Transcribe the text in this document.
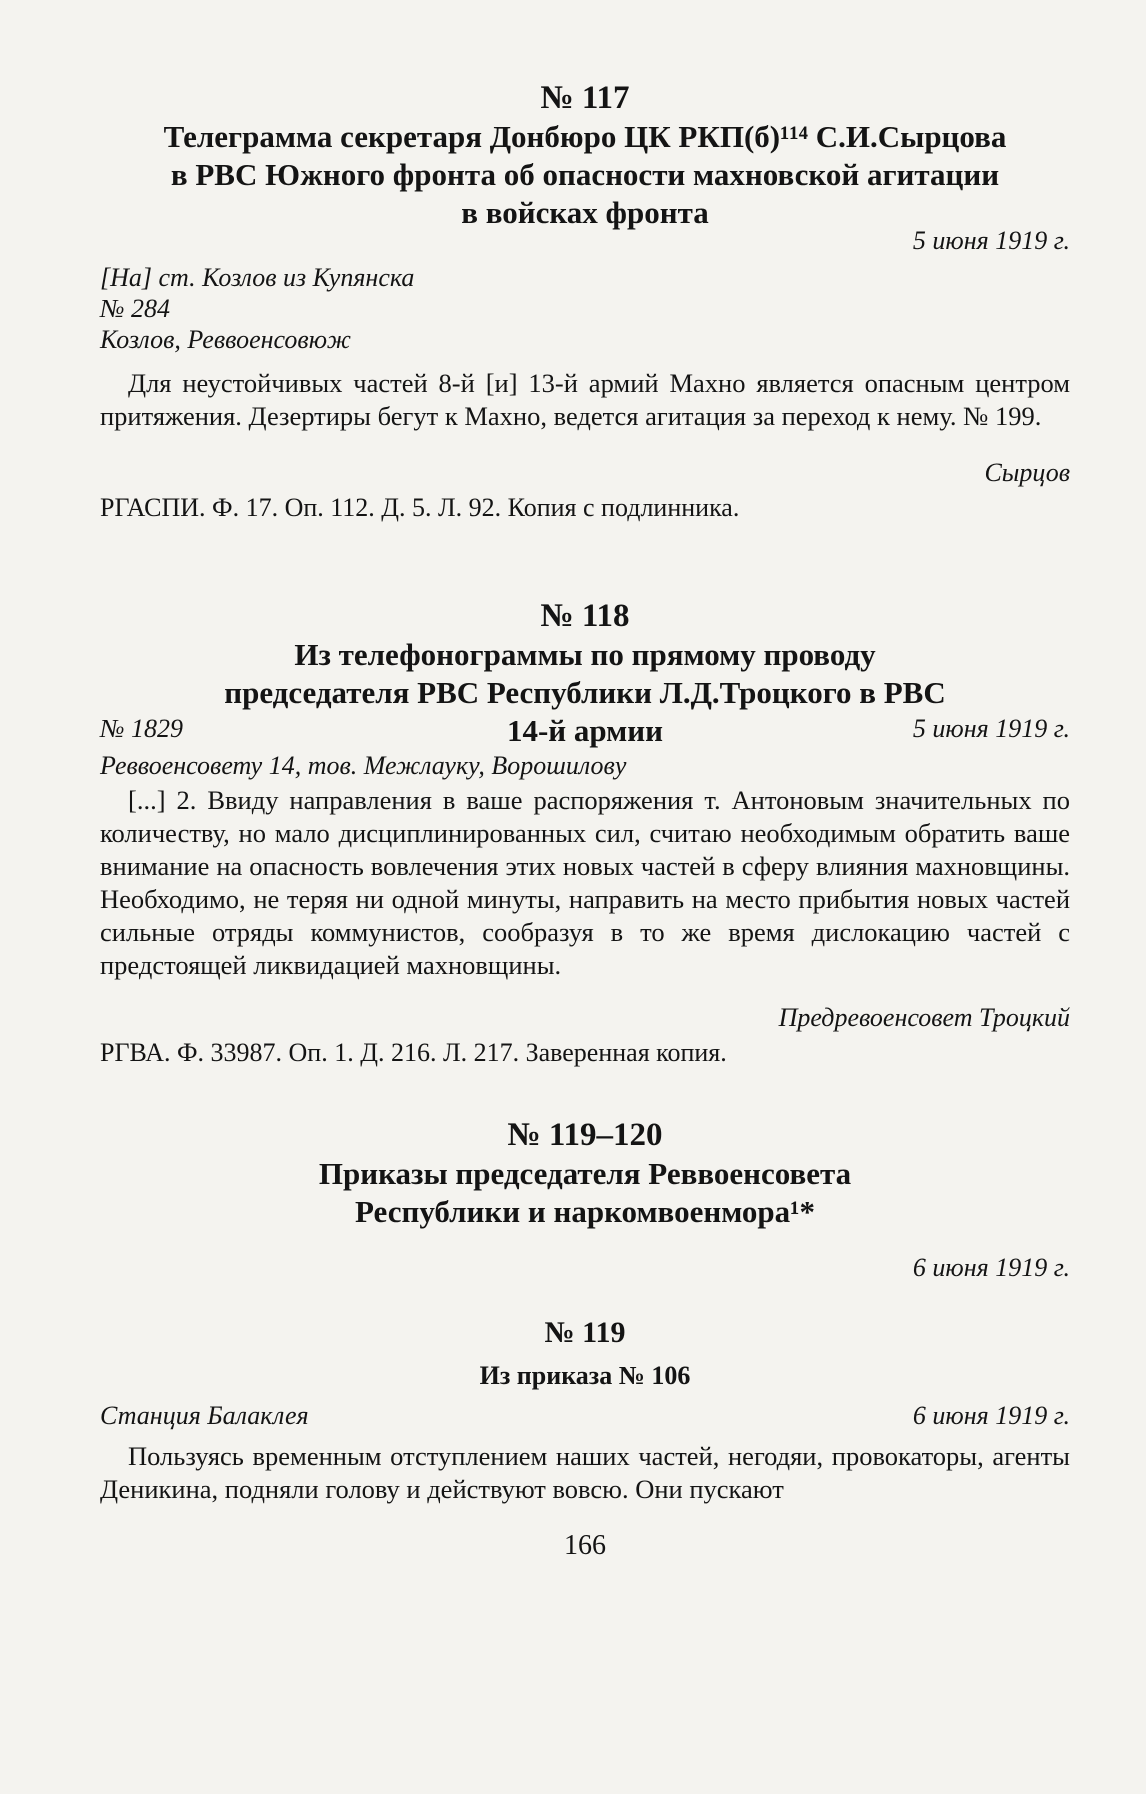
№ 117
Телеграмма секретаря Донбюро ЦК РКП(б)¹¹⁴ С.И.Сырцова в РВС Южного фронта об опасности махновской агитации в войсках фронта
5 июня 1919 г.
[На] ст. Козлов из Купянска
№ 284
Козлов, Реввоенсовюж

Для неустойчивых частей 8-й [и] 13-й армий Махно является опасным центром притяжения. Дезертиры бегут к Махно, ведется агитация за переход к нему. № 199.

Сырцов
РГАСПИ. Ф. 17. Оп. 112. Д. 5. Л. 92. Копия с подлинника.
№ 118
Из телефонограммы по прямому проводу председателя РВС Республики Л.Д.Троцкого в РВС 14-й армии
№ 1829	5 июня 1919 г.
Реввоенсовету 14, тов. Межлауку, Ворошилову

[...] 2. Ввиду направления в ваше распоряжения т. Антоновым значительных по количеству, но мало дисциплинированных сил, считаю необходимым обратить ваше внимание на опасность вовлечения этих новых частей в сферу влияния махновщины. Необходимо, не теряя ни одной минуты, направить на место прибытия новых частей сильные отряды коммунистов, сообразуя в то же время дислокацию частей с предстоящей ликвидацией махновщины.

Предревоенсовет Троцкий
РГВА. Ф. 33987. Оп. 1. Д. 216. Л. 217. Заверенная копия.
№ 119–120
Приказы председателя Реввоенсовета Республики и наркомвоенмора¹*
6 июня 1919 г.
№ 119
Из приказа № 106
Станция Балаклея	6 июня 1919 г.

Пользуясь временным отступлением наших частей, негодяи, провокаторы, агенты Деникина, подняли голову и действуют вовсю. Они пускают

166
